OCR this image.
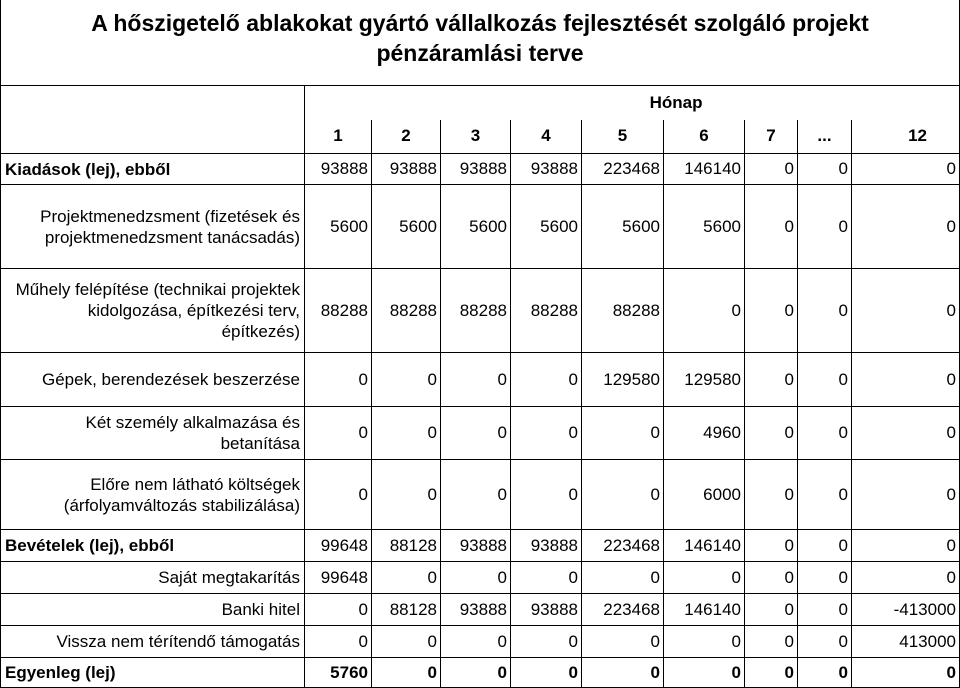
A hőszigetelő ablakokat gyártó vállalkozás fejlesztését szolgáló projekt
pénzáramlási terve

					Hónap				

	1	2	3	4	5	6	7	...	12
Kiadások (lej), ebből	93888	93888	93888	93888	223468	146140	0	0	0
Projektmenedzsment (fizetések és projektmenedzsment tanácsadás)	5600	5600	5600	5600	5600	5600	0	0	0
Műhely felépítése (technikai projektek kidolgozása, építkezési terv, építkezés)	88288	88288	88288	88288	88288	0	0	0	0
Gépek, berendezések beszerzése	0	0	0	0	129580	129580	0	0	0
Két személy alkalmazása és betanítása	0	0	0	0	0	4960	0	0	0
Előre nem látható költségek (árfolyamváltozás stabilizálása)	0	0	0	0	0	6000	0	0	0
Bevételek (lej), ebből	99648	88128	93888	93888	223468	146140	0	0	0
Saját megtakarítás	99648	0	0	0	0	0	0	0	0
Banki hitel	0	88128	93888	93888	223468	146140	0	0	-413000
Vissza nem térítendő támogatás	0	0	0	0	0	0	0	0	413000
Egyenleg (lej)	5760	0	0	0	0	0	0	0	0
